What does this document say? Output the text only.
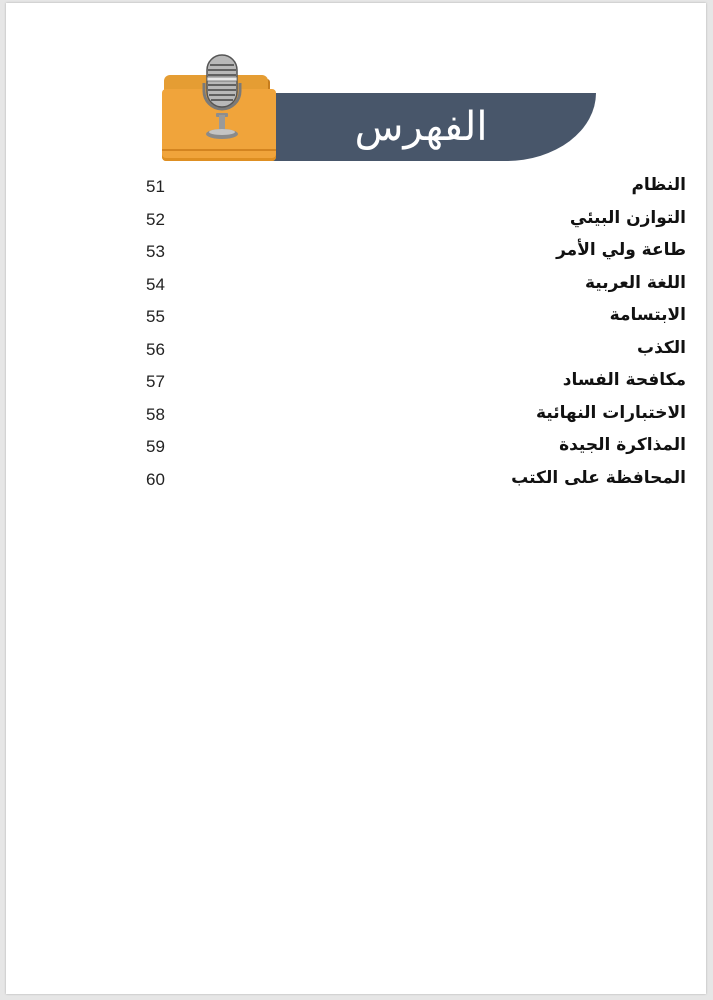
الفهرس
النظام
51
التوازن البيئي
52
طاعة ولي الأمر
53
اللغة العربية
54
الابتسامة
55
الكذب
56
مكافحة الفساد
57
الاختبارات النهائية
58
المذاكرة الجيدة
59
المحافظة على الكتب
60
